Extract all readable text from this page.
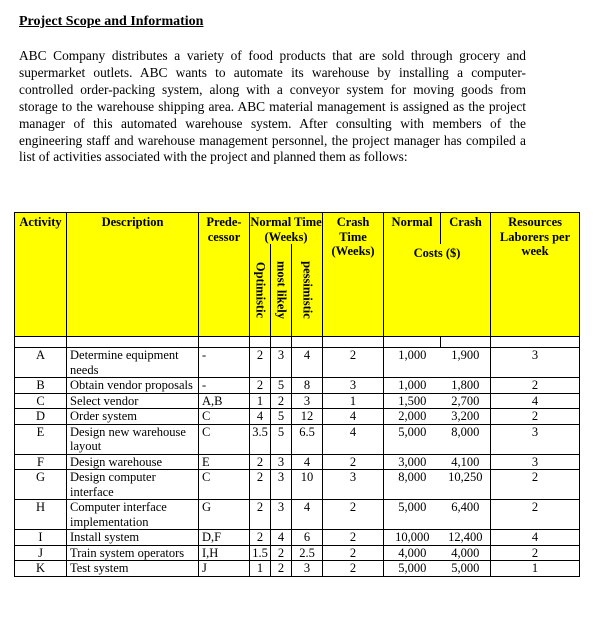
Project Scope and Information
ABC Company distributes a variety of food products that are sold through grocery and supermarket outlets. ABC wants to automate its warehouse by installing a computer-controlled order-packing system, along with a conveyor system for moving goods from storage to the warehouse shipping area. ABC material management is assigned as the project manager of this automated warehouse system. After consulting with members of the engineering staff and warehouse management personnel, the project manager has compiled a list of activities associated with the project and planned them as follows:
Activity	Description	Prede-cessor	Normal Time (Weeks)			Crash Time (Weeks)	Normal	Crash	Resources Laborers per week

			Optimistic	most likely	pessimistic		Costs ($)		

A	Determine equipment needs	-	2	3	4	2	1,000	1,900	3
B	Obtain vendor proposals	-	2	5	8	3	1,000	1,800	2
C	Select vendor	A,B	1	2	3	1	1,500	2,700	4
D	Order system	C	4	5	12	4	2,000	3,200	2
E	Design new warehouse layout	C	3.5	5	6.5	4	5,000	8,000	3
F	Design warehouse	E	2	3	4	2	3,000	4,100	3
G	Design computer interface	C	2	3	10	3	8,000	10,250	2
H	Computer interface implementation	G	2	3	4	2	5,000	6,400	2
I	Install system	D,F	2	4	6	2	10,000	12,400	4
J	Train system operators	I,H	1.5	2	2.5	2	4,000	4,000	2
K	Test system	J	1	2	3	2	5,000	5,000	1
